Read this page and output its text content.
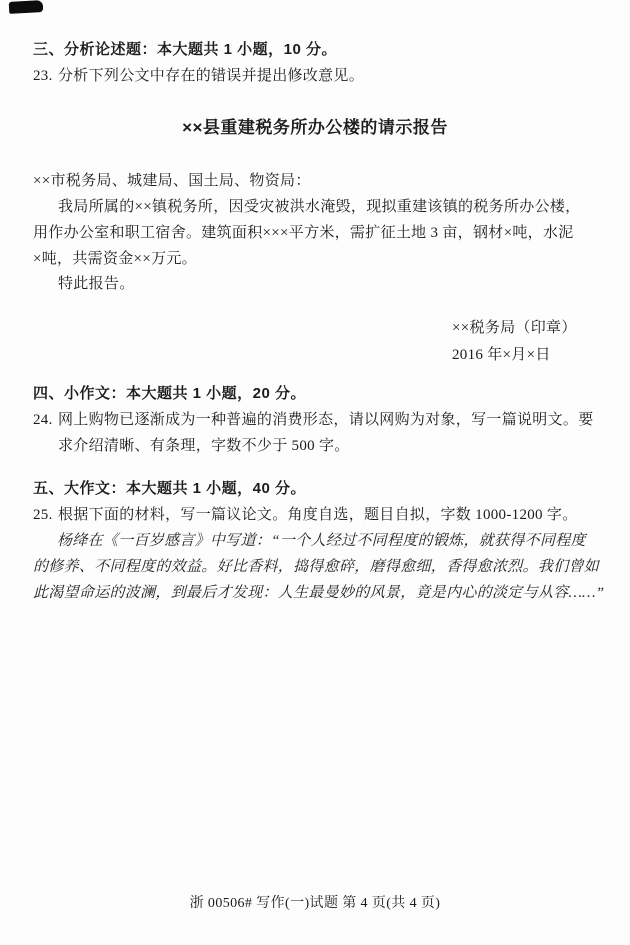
三、分析论述题：本大题共 1 小题，10 分。
23. 分析下列公文中存在的错误并提出修改意见。
××县重建税务所办公楼的请示报告
××市税务局、城建局、国土局、物资局：
我局所属的××镇税务所，因受灾被洪水淹毁，现拟重建该镇的税务所办公楼，
用作办公室和职工宿舍。建筑面积×××平方米，需扩征土地 3 亩，钢材×吨，水泥
×吨，共需资金××万元。
特此报告。
××税务局（印章）
2016 年×月×日
四、小作文：本大题共 1 小题，20 分。
24. 网上购物已逐渐成为一种普遍的消费形态，请以网购为对象，写一篇说明文。要
求介绍清晰、有条理，字数不少于 500 字。
五、大作文：本大题共 1 小题，40 分。
25. 根据下面的材料，写一篇议论文。角度自选，题目自拟，字数 1000-1200 字。
杨绛在《一百岁感言》中写道：“一个人经过不同程度的锻炼，就获得不同程度
的修养、不同程度的效益。好比香料，捣得愈碎，磨得愈细，香得愈浓烈。我们曾如
此渴望命运的波澜，到最后才发现：人生最曼妙的风景，竟是内心的淡定与从容……”
浙 00506# 写作(一)试题 第 4 页(共 4 页)
